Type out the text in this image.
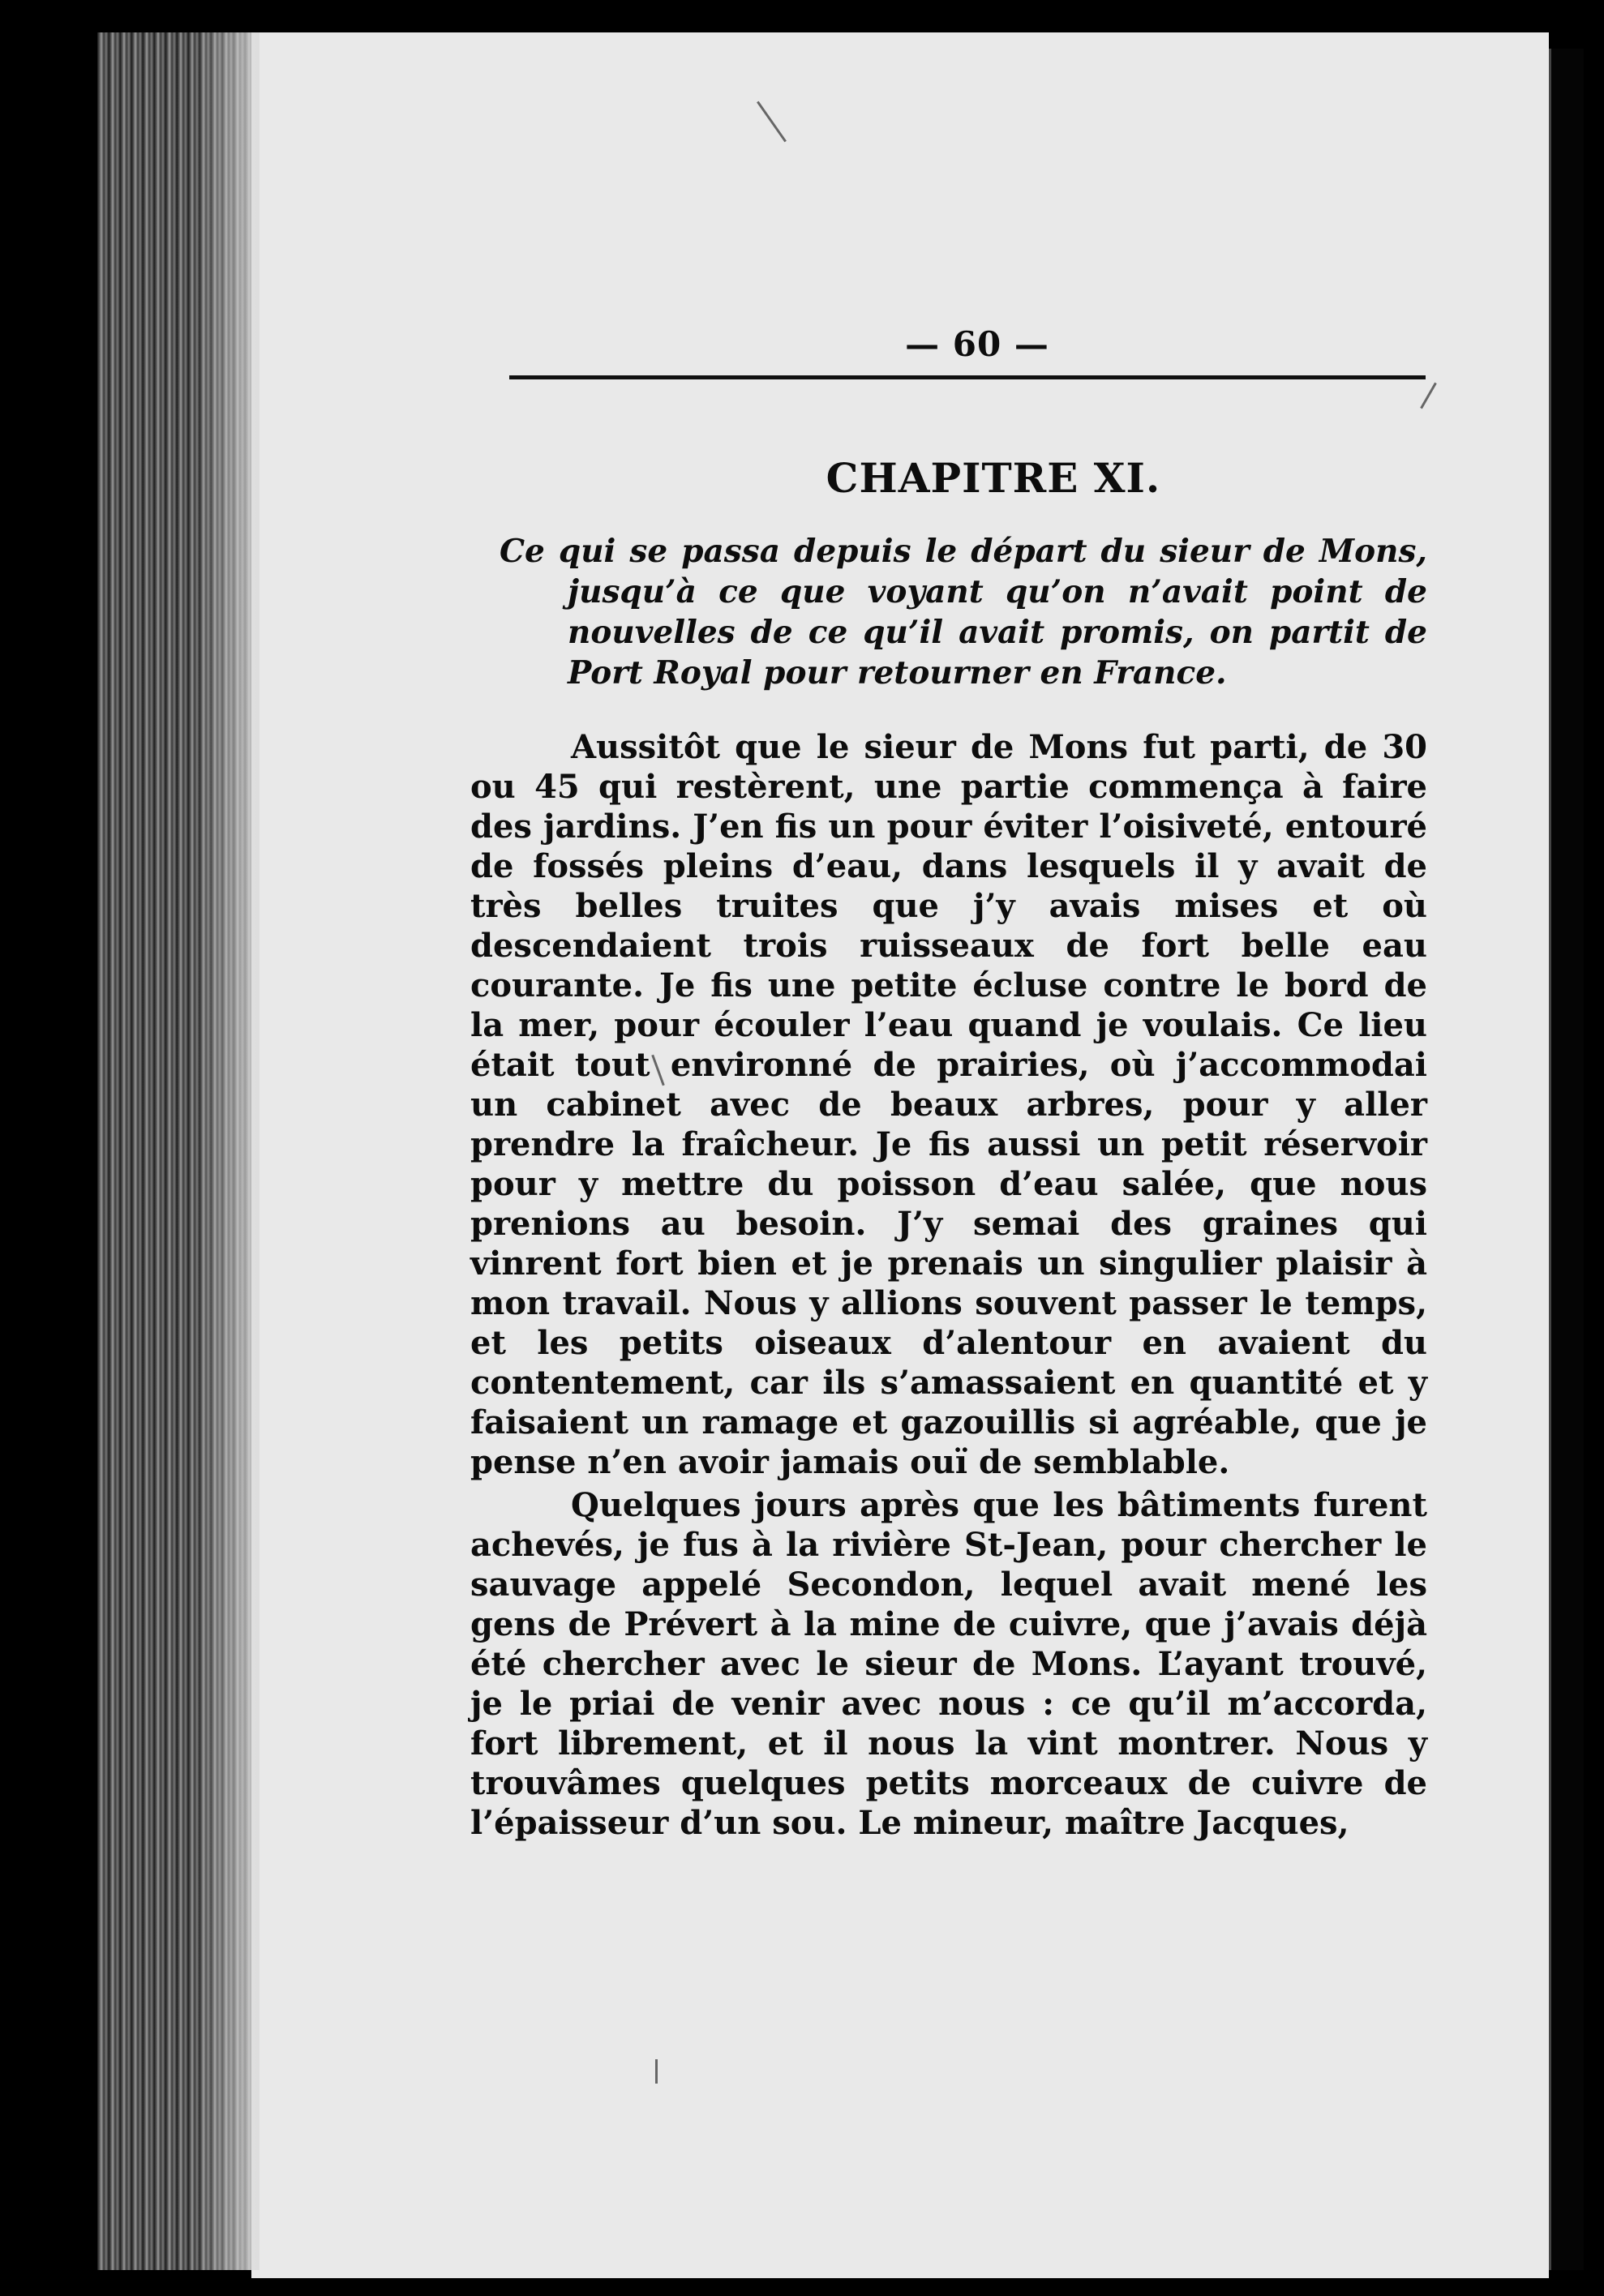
— 60 —
CHAPITRE XI.

Ce qui se passa depuis le départ du sieur de Mons, jusqu’à ce que voyant qu’on n’avait point de nouvelles de ce qu’il avait promis, on partit de Port Royal pour retourner en France.

Aussitôt que le sieur de Mons fut parti, de 30 ou 45 qui restèrent, une partie commença à faire des jardins. J’en fis un pour éviter l’oisiveté, entouré de fossés pleins d’eau, dans lesquels il y avait de très belles truites que j’y avais mises et où descendaient trois ruisseaux de fort belle eau courante. Je fis une petite écluse contre le bord de la mer, pour écouler l’eau quand je voulais. Ce lieu était tout environné de prairies, où j’accommodai un cabinet avec de beaux arbres, pour y aller prendre la fraîcheur. Je fis aussi un petit réservoir pour y mettre du poisson d’eau salée, que nous prenions au besoin. J’y semai des graines qui vinrent fort bien et je prenais un singulier plaisir à mon travail. Nous y allions souvent passer le temps, et les petits oiseaux d’alentour en avaient du contentement, car ils s’amassaient en quantité et y faisaient un ramage et gazouillis si agréable, que je pense n’en avoir jamais ouï de semblable.

Quelques jours après que les bâtiments furent achevés, je fus à la rivière St-Jean, pour chercher le sauvage appelé Secondon, lequel avait mené les gens de Prévert à la mine de cuivre, que j’avais déjà été chercher avec le sieur de Mons. L’ayant trouvé, je le priai de venir avec nous : ce qu’il m’accorda, fort librement, et il nous la vint montrer. Nous y trouvâmes quelques petits morceaux de cuivre de l’épaisseur d’un sou. Le mineur, maître Jacques,
